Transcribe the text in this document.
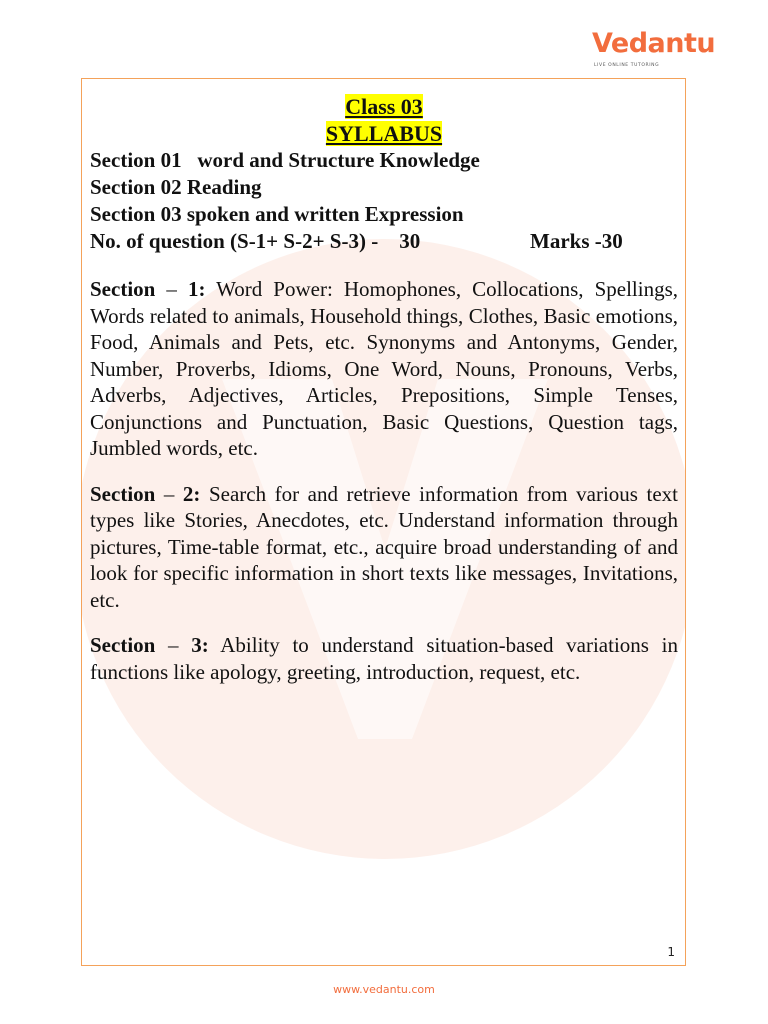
Vedantu
LIVE ONLINE TUTORING
Class 03
SYLLABUS
Section 01   word and Structure Knowledge
Section 02 Reading
Section 03 spoken and written Expression
No. of question (S-1+ S-2+ S-3) -    30	Marks -30

Section – 1: Word Power: Homophones, Collocations, Spellings, Words related to animals, Household things, Clothes, Basic emotions, Food, Animals and Pets, etc. Synonyms and Antonyms, Gender, Number, Proverbs, Idioms, One Word, Nouns, Pronouns, Verbs, Adverbs, Adjectives, Articles, Prepositions, Simple Tenses, Conjunctions and Punctuation, Basic Questions, Question tags, Jumbled words, etc.

Section – 2: Search for and retrieve information from various text types like Stories, Anecdotes, etc. Understand information through pictures, Time-table format, etc., acquire broad understanding of and look for specific information in short texts like messages, Invitations, etc.

Section – 3: Ability to understand situation-based variations in functions like apology, greeting, introduction, request, etc.

1
www.vedantu.com
